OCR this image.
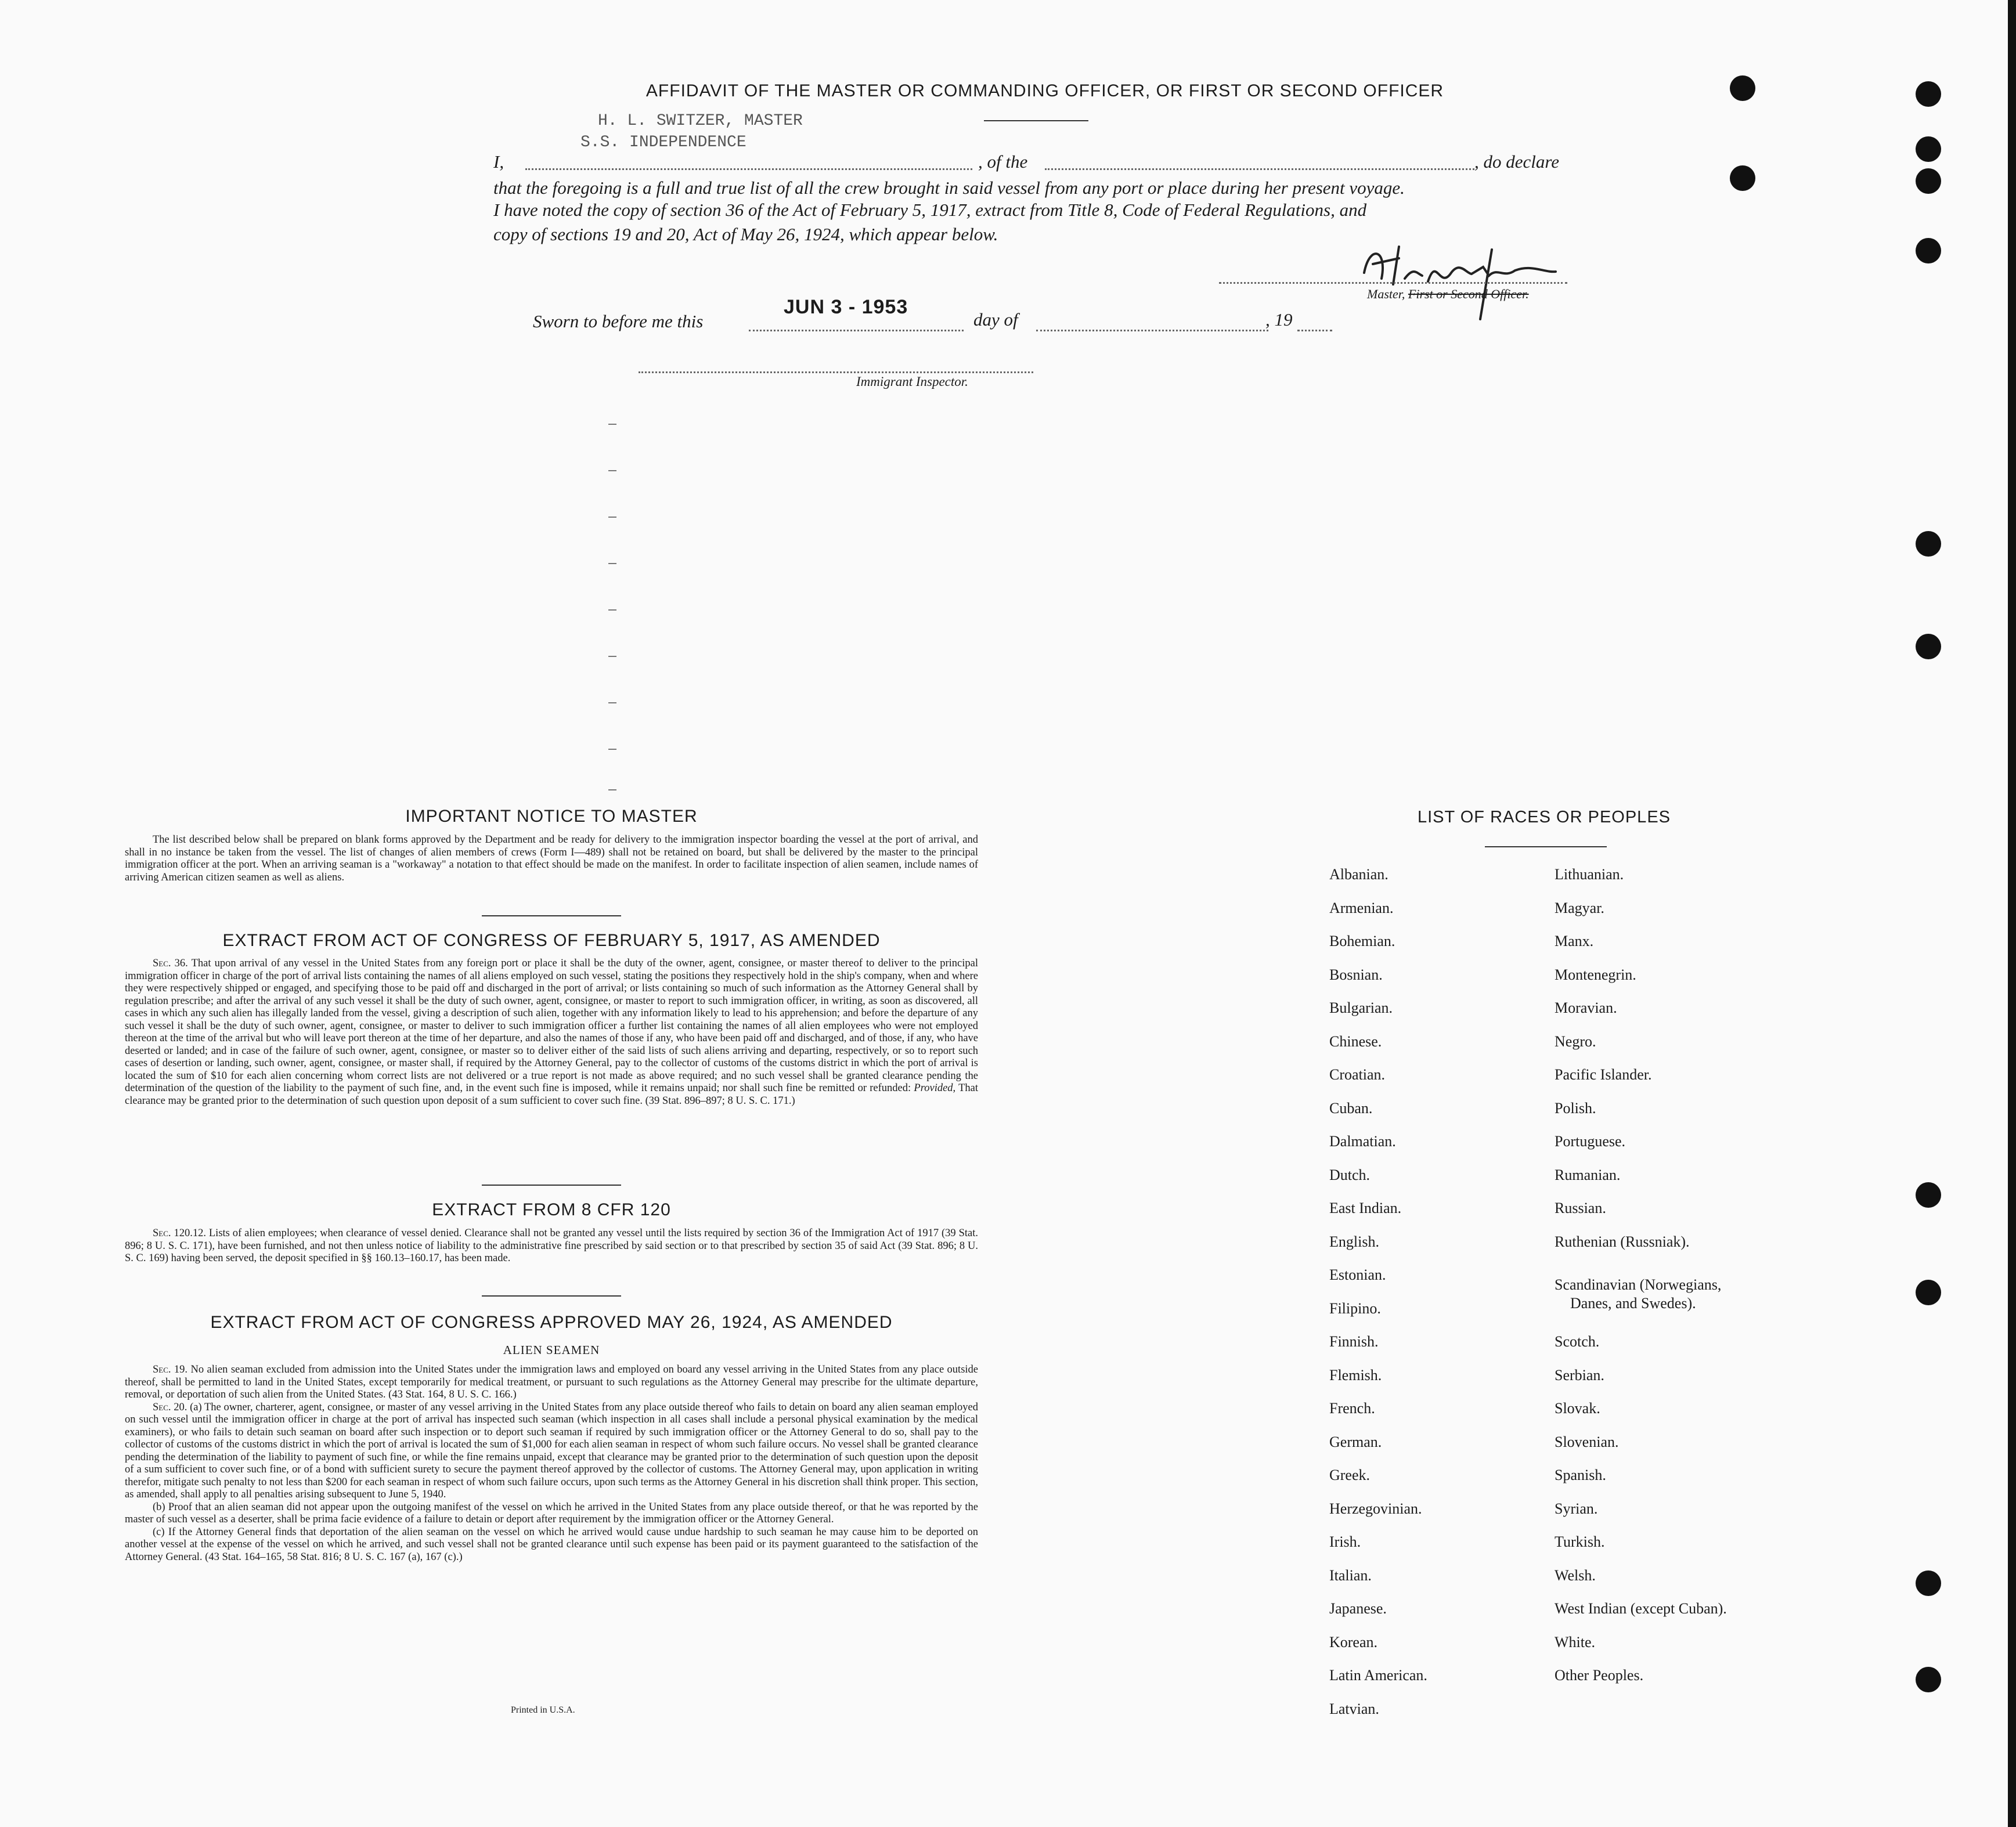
AFFIDAVIT OF THE MASTER OR COMMANDING OFFICER, OR FIRST OR SECOND OFFICER
H. L. SWITZER, MASTER
S.S. INDEPENDENCE
I,	, of the	, do declare
that the foregoing is a full and true list of all the crew brought in said vessel from any port or place during her present voyage.
I have noted the copy of section 36 of the Act of February 5, 1917, extract from Title 8, Code of Federal Regulations, and
copy of sections 19 and 20, Act of May 26, 1924, which appear below.
Master, First or Second Officer.
Sworn to before me this
JUN 3 - 1953
day of	, 19
Immigrant Inspector.
IMPORTANT NOTICE TO MASTER

The list described below shall be prepared on blank forms approved by the Department and be ready for delivery to the immigration inspector boarding the vessel at the port of arrival, and shall in no instance be taken from the vessel. The list of changes of alien members of crews (Form I—489) shall not be retained on board, but shall be delivered by the master to the principal immigration officer at the port. When an arriving seaman is a "workaway" a notation to that effect should be made on the manifest. In order to facilitate inspection of alien seamen, include names of arriving American citizen seamen as well as aliens.

EXTRACT FROM ACT OF CONGRESS OF FEBRUARY 5, 1917, AS AMENDED

Sec. 36. That upon arrival of any vessel in the United States from any foreign port or place it shall be the duty of the owner, agent, consignee, or master thereof to deliver to the principal immigration officer in charge of the port of arrival lists containing the names of all aliens employed on such vessel, stating the positions they respectively hold in the ship's company, when and where they were respectively shipped or engaged, and specifying those to be paid off and discharged in the port of arrival; or lists containing so much of such information as the Attorney General shall by regulation prescribe; and after the arrival of any such vessel it shall be the duty of such owner, agent, consignee, or master to report to such immigration officer, in writing, as soon as discovered, all cases in which any such alien has illegally landed from the vessel, giving a description of such alien, together with any information likely to lead to his apprehension; and before the departure of any such vessel it shall be the duty of such owner, agent, consignee, or master to deliver to such immigration officer a further list containing the names of all alien employees who were not employed thereon at the time of the arrival but who will leave port thereon at the time of her departure, and also the names of those if any, who have been paid off and discharged, and of those, if any, who have deserted or landed; and in case of the failure of such owner, agent, consignee, or master so to deliver either of the said lists of such aliens arriving and departing, respectively, or so to report such cases of desertion or landing, such owner, agent, consignee, or master shall, if required by the Attorney General, pay to the collector of customs of the customs district in which the port of arrival is located the sum of $10 for each alien concerning whom correct lists are not delivered or a true report is not made as above required; and no such vessel shall be granted clearance pending the determination of the question of the liability to the payment of such fine, and, in the event such fine is imposed, while it remains unpaid; nor shall such fine be remitted or refunded: Provided, That clearance may be granted prior to the determination of such question upon deposit of a sum sufficient to cover such fine. (39 Stat. 896–897; 8 U. S. C. 171.)

EXTRACT FROM 8 CFR 120

Sec. 120.12. Lists of alien employees; when clearance of vessel denied. Clearance shall not be granted any vessel until the lists required by section 36 of the Immigration Act of 1917 (39 Stat. 896; 8 U. S. C. 171), have been furnished, and not then unless notice of liability to the administrative fine prescribed by said section or to that prescribed by section 35 of said Act (39 Stat. 896; 8 U. S. C. 169) having been served, the deposit specified in §§ 160.13–160.17, has been made.

EXTRACT FROM ACT OF CONGRESS APPROVED MAY 26, 1924, AS AMENDED
ALIEN SEAMEN

Sec. 19. No alien seaman excluded from admission into the United States under the immigration laws and employed on board any vessel arriving in the United States from any place outside thereof, shall be permitted to land in the United States, except temporarily for medical treatment, or pursuant to such regulations as the Attorney General may prescribe for the ultimate departure, removal, or deportation of such alien from the United States. (43 Stat. 164, 8 U. S. C. 166.)

Sec. 20. (a) The owner, charterer, agent, consignee, or master of any vessel arriving in the United States from any place outside thereof who fails to detain on board any alien seaman employed on such vessel until the immigration officer in charge at the port of arrival has inspected such seaman (which inspection in all cases shall include a personal physical examination by the medical examiners), or who fails to detain such seaman on board after such inspection or to deport such seaman if required by such immigration officer or the Attorney General to do so, shall pay to the collector of customs of the customs district in which the port of arrival is located the sum of $1,000 for each alien seaman in respect of whom such failure occurs. No vessel shall be granted clearance pending the determination of the liability to payment of such fine, or while the fine remains unpaid, except that clearance may be granted prior to the determination of such question upon the deposit of a sum sufficient to cover such fine, or of a bond with sufficient surety to secure the payment thereof approved by the collector of customs. The Attorney General may, upon application in writing therefor, mitigate such penalty to not less than $200 for each seaman in respect of whom such failure occurs, upon such terms as the Attorney General in his discretion shall think proper. This section, as amended, shall apply to all penalties arising subsequent to June 5, 1940.

(b) Proof that an alien seaman did not appear upon the outgoing manifest of the vessel on which he arrived in the United States from any place outside thereof, or that he was reported by the master of such vessel as a deserter, shall be prima facie evidence of a failure to detain or deport after requirement by the immigration officer or the Attorney General.

(c) If the Attorney General finds that deportation of the alien seaman on the vessel on which he arrived would cause undue hardship to such seaman he may cause him to be deported on another vessel at the expense of the vessel on which he arrived, and such vessel shall not be granted clearance until such expense has been paid or its payment guaranteed to the satisfaction of the Attorney General. (43 Stat. 164–165, 58 Stat. 816; 8 U. S. C. 167 (a), 167 (c).)

Printed in U.S.A.
LIST OF RACES OR PEOPLES
Albanian.
Armenian.
Bohemian.
Bosnian.
Bulgarian.
Chinese.
Croatian.
Cuban.
Dalmatian.
Dutch.
East Indian.
English.
Estonian.
Filipino.
Finnish.
Flemish.
French.
German.
Greek.
Herzegovinian.
Irish.
Italian.
Japanese.
Korean.
Latin American.
Latvian.
Lithuanian.
Magyar.
Manx.
Montenegrin.
Moravian.
Negro.
Pacific Islander.
Polish.
Portuguese.
Rumanian.
Russian.
Ruthenian (Russniak).
Scandinavian (Norwegians,
Danes, and Swedes).
Scotch.
Serbian.
Slovak.
Slovenian.
Spanish.
Syrian.
Turkish.
Welsh.
West Indian (except Cuban).
White.
Other Peoples.
